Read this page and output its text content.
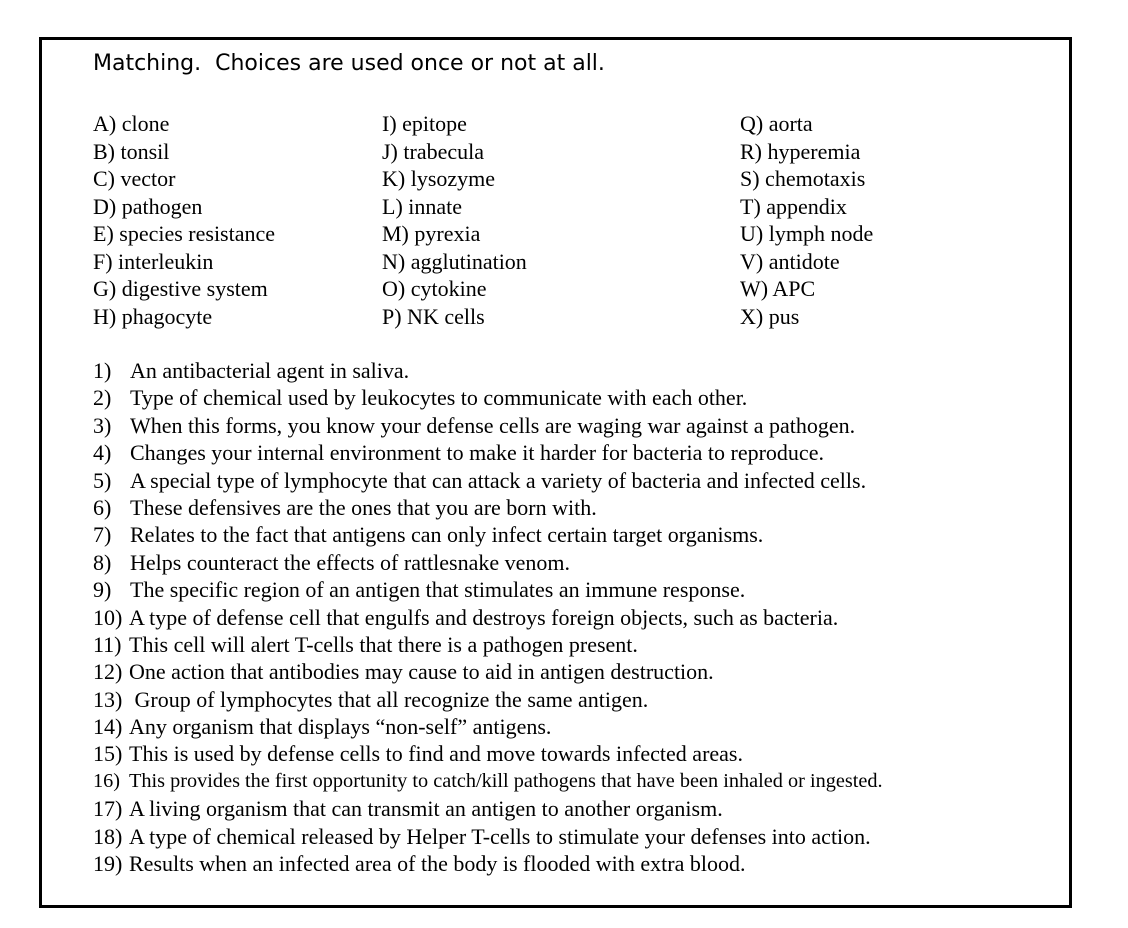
Matching.  Choices are used once or not at all.
A) clone
B) tonsil
C) vector
D) pathogen
E) species resistance
F) interleukin
G) digestive system
H) phagocyte
I) epitope
J) trabecula
K) lysozyme
L) innate
M) pyrexia
N) agglutination
O) cytokine
P) NK cells
Q) aorta
R) hyperemia
S) chemotaxis
T) appendix
U) lymph node
V) antidote
W) APC
X) pus
1) An antibacterial agent in saliva.
2) Type of chemical used by leukocytes to communicate with each other.
3) When this forms, you know your defense cells are waging war against a pathogen.
4) Changes your internal environment to make it harder for bacteria to reproduce.
5) A special type of lymphocyte that can attack a variety of bacteria and infected cells.
6) These defensives are the ones that you are born with.
7) Relates to the fact that antigens can only infect certain target organisms.
8) Helps counteract the effects of rattlesnake venom.
9) The specific region of an antigen that stimulates an immune response.
10) A type of defense cell that engulfs and destroys foreign objects, such as bacteria.
11) This cell will alert T-cells that there is a pathogen present.
12) One action that antibodies may cause to aid in antigen destruction.
13) Group of lymphocytes that all recognize the same antigen.
14) Any organism that displays “non-self” antigens.
15) This is used by defense cells to find and move towards infected areas.
16) This provides the first opportunity to catch/kill pathogens that have been inhaled or ingested.
17) A living organism that can transmit an antigen to another organism.
18) A type of chemical released by Helper T-cells to stimulate your defenses into action.
19) Results when an infected area of the body is flooded with extra blood.
